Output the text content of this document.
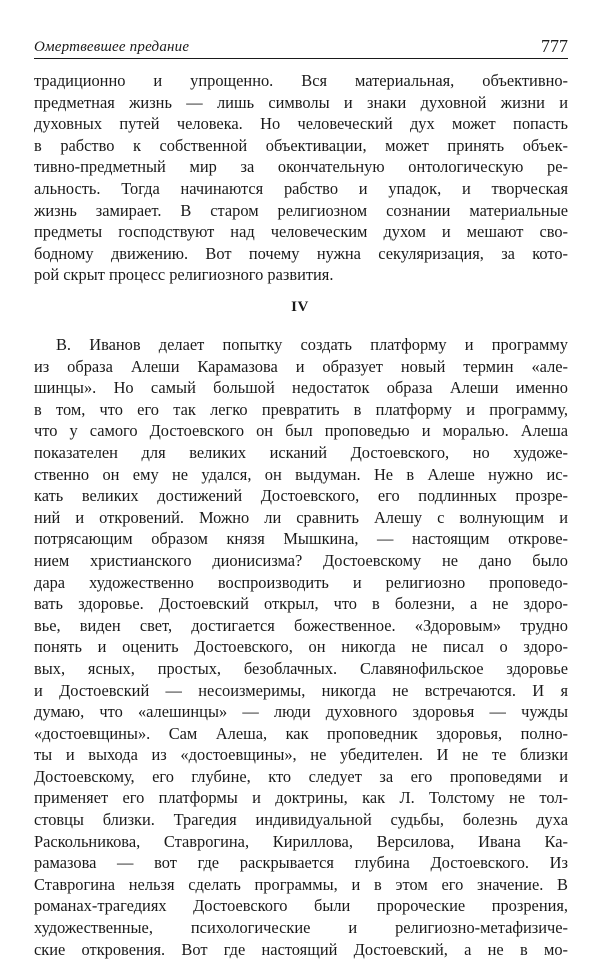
Омертвевшее предание	777
традиционно и упрощенно. Вся материальная, объективно-
предметная жизнь — лишь символы и знаки духовной жизни и
духовных путей человека. Но человеческий дух может попасть
в рабство к собственной объективации, может принять объек-
тивно-предметный мир за окончательную онтологическую ре-
альность. Тогда начинаются рабство и упадок, и творческая
жизнь замирает. В старом религиозном сознании материальные
предметы господствуют над человеческим духом и мешают сво-
бодному движению. Вот почему нужна секуляризация, за кото-
рой скрыт процесс религиозного развития.
IV
В. Иванов делает попытку создать платформу и программу
из образа Алеши Карамазова и образует новый термин «але-
шинцы». Но самый большой недостаток образа Алеши именно
в том, что его так легко превратить в платформу и программу,
что у самого Достоевского он был проповедью и моралью. Алеша
показателен для великих исканий Достоевского, но художе-
ственно он ему не удался, он выдуман. Не в Алеше нужно ис-
кать великих достижений Достоевского, его подлинных прозре-
ний и откровений. Можно ли сравнить Алешу с волнующим и
потрясающим образом князя Мышкина, — настоящим открове-
нием христианского дионисизма? Достоевскому не дано было
дара художественно воспроизводить и религиозно проповедо-
вать здоровье. Достоевский открыл, что в болезни, а не здоро-
вье, виден свет, достигается божественное. «Здоровым» трудно
понять и оценить Достоевского, он никогда не писал о здоро-
вых, ясных, простых, безоблачных. Славянофильское здоровье
и Достоевский — несоизмеримы, никогда не встречаются. И я
думаю, что «алешинцы» — люди духовного здоровья — чужды
«достоевщины». Сам Алеша, как проповедник здоровья, полно-
ты и выхода из «достоевщины», не убедителен. И не те близки
Достоевскому, его глубине, кто следует за его проповедями и
применяет его платформы и доктрины, как Л. Толстому не тол-
стовцы близки. Трагедия индивидуальной судьбы, болезнь духа
Раскольникова, Ставрогина, Кириллова, Версилова, Ивана Ка-
рамазова — вот где раскрывается глубина Достоевского. Из
Ставрогина нельзя сделать программы, и в этом его значение. В
романах-трагедиях Достоевского были пророческие прозрения,
художественные, психологические и религиозно-метафизиче-
ские откровения. Вот где настоящий Достоевский, а не в мо-
